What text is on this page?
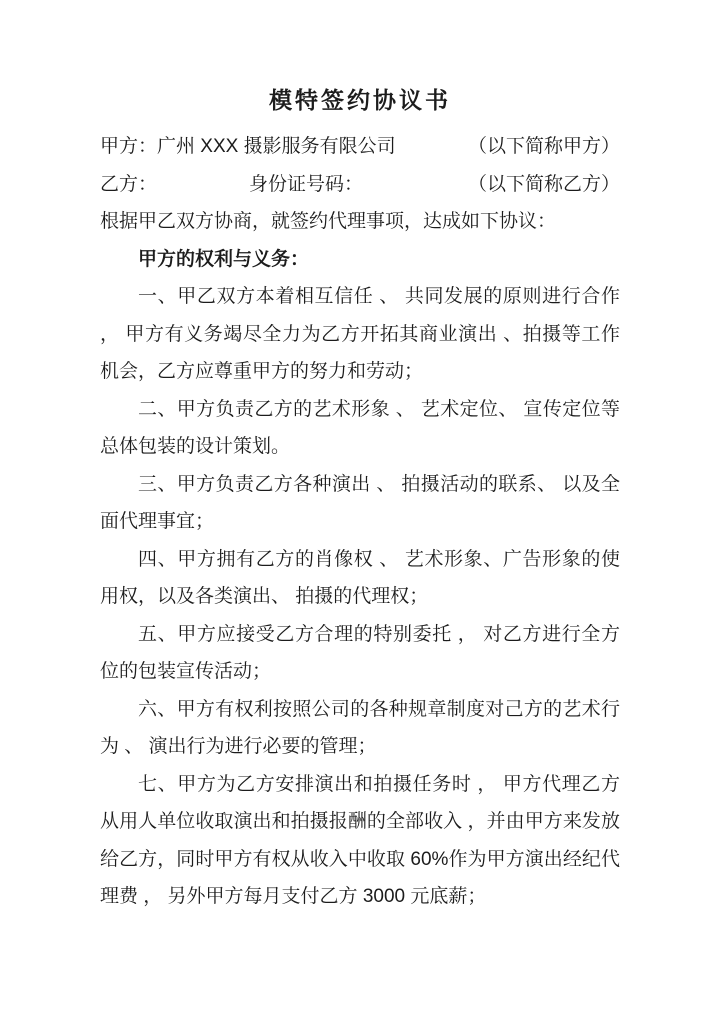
模特签约协议书
甲方：广州 XXX 摄影服务有限公司	（以下简称甲方）
乙方：	身份证号码：	（以下简称乙方）

根据甲乙双方协商，就签约代理事项，达成如下协议：

甲方的权利与义务：

一、甲乙双方本着相互信任 、 共同发展的原则进行合作 ， 甲方有义务竭尽全力为乙方开拓其商业演出 、拍摄等工作机会，乙方应尊重甲方的努力和劳动；

二、甲方负责乙方的艺术形象 、 艺术定位、 宣传定位等总体包装的设计策划。

三、甲方负责乙方各种演出 、 拍摄活动的联系、 以及全面代理事宜；

四、甲方拥有乙方的肖像权 、 艺术形象、广告形象的使用权，以及各类演出、 拍摄的代理权；

五、甲方应接受乙方合理的特别委托 ， 对乙方进行全方位的包装宣传活动；

六、甲方有权利按照公司的各种规章制度对己方的艺术行为 、 演出行为进行必要的管理；

七、甲方为乙方安排演出和拍摄任务时 ， 甲方代理乙方从用人单位收取演出和拍摄报酬的全部收入 ，并由甲方来发放给乙方，同时甲方有权从收入中收取 60%作为甲方演出经纪代理费 ， 另外甲方每月支付乙方 3000 元底薪；
